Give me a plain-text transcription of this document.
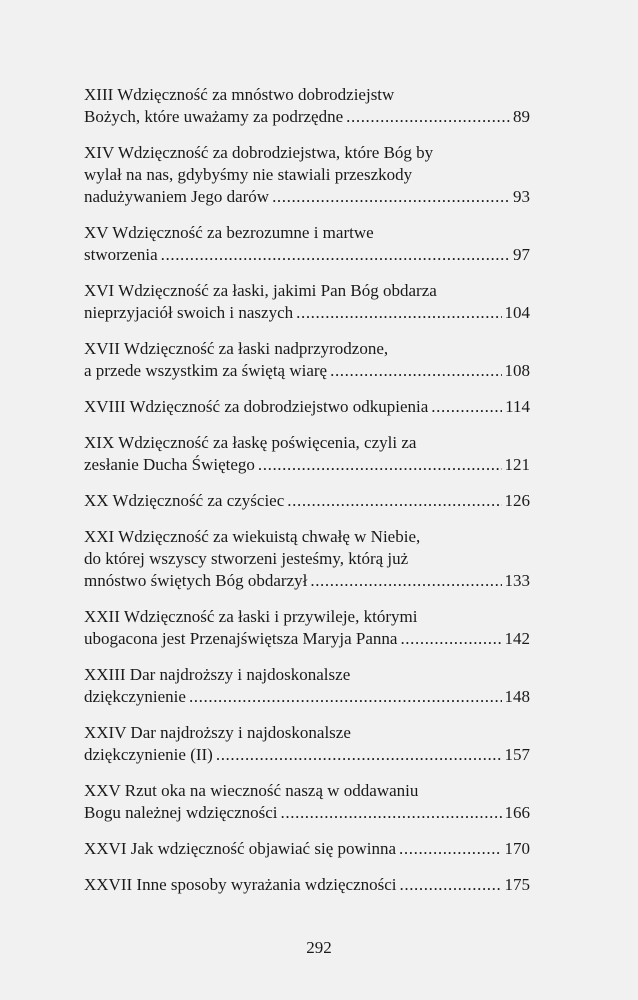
XIII Wdzięczność za mnóstwo dobrodziejstw
Bożych, które uważamy za podrzędne .....	89
XIV Wdzięczność za dobrodziejstwa, które Bóg by
wylał na nas, gdybyśmy nie stawiali przeszkody
nadużywaniem Jego darów .....	93
XV Wdzięczność za bezrozumne i martwe
stworzenia .....	97
XVI Wdzięczność za łaski, jakimi Pan Bóg obdarza
nieprzyjaciół swoich i naszych .....	104
XVII Wdzięczność za łaski nadprzyrodzone,
a przede wszystkim za świętą wiarę .....	108
XVIII Wdzięczność za dobrodziejstwo odkupienia .....	114
XIX Wdzięczność za łaskę poświęcenia, czyli za
zesłanie Ducha Świętego .....	121
XX Wdzięczność za czyściec .....	126
XXI Wdzięczność za wiekuistą chwałę w Niebie,
do której wszyscy stworzeni jesteśmy, którą już
mnóstwo świętych Bóg obdarzył .....	133
XXII Wdzięczność za łaski i przywileje, którymi
ubogacona jest Przenajświętsza Maryja Panna .....	142
XXIII Dar najdroższy i najdoskonalsze
dziękczynienie .....	148
XXIV Dar najdroższy i najdoskonalsze
dziękczynienie (II) .....	157
XXV Rzut oka na wieczność naszą w oddawaniu
Bogu należnej wdzięczności .....	166
XXVI Jak wdzięczność objawiać się powinna .....	170
XXVII Inne sposoby wyrażania wdzięczności .....	175
292
